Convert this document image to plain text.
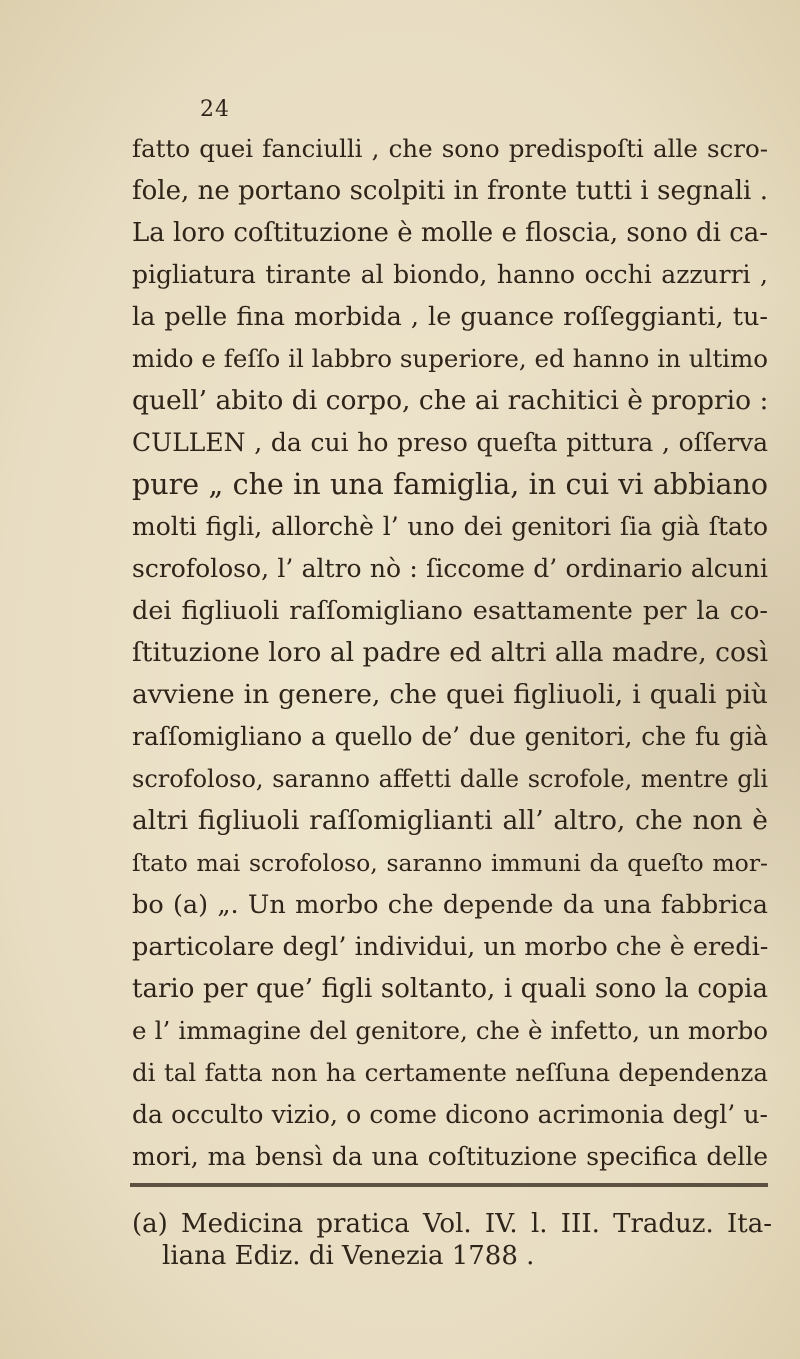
24
fatto quei fanciulli , che sono predispoſti alle scro-
fole, ne portano scolpiti in fronte tutti i segnali .
La loro coſtituzione è molle e floscia, sono di ca-
pigliatura tirante al biondo, hanno occhi azzurri ,
la pelle fina morbida , le guance roſſeggianti, tu-
mido e feſſo il labbro superiore, ed hanno in ultimo
quell’ abito di corpo, che ai rachitici è proprio :
CULLEN , da cui ho preso queſta pittura , oſſerva
pure „ che in una famiglia, in cui vi abbiano
molti figli, allorchè l’ uno dei genitori ſia già ſtato
scrofoloso, l’ altro nò : ſiccome d’ ordinario alcuni
dei figliuoli raſſomigliano esattamente per la co-
ſtituzione loro al padre ed altri alla madre, così
avviene in genere, che quei figliuoli, i quali più
raſſomigliano a quello de’ due genitori, che fu già
scrofoloso, saranno affetti dalle scrofole, mentre gli
altri figliuoli raſſomiglianti all’ altro, che non è
ſtato mai scrofoloso, saranno immuni da queſto mor-
bo (a) „. Un morbo che depende da una fabbrica
particolare degl’ individui, un morbo che è eredi-
tario per que’ figli soltanto, i quali sono la copia
e l’ immagine del genitore, che è infetto, un morbo
di tal fatta non ha certamente neſſuna dependenza
da occulto vizio, o come dicono acrimonia degl’ u-
mori, ma bensì da una coſtituzione specifica delle
(a) Medicina pratica Vol. IV. l. III. Traduz. Ita-
liana Ediz. di Venezia 1788 .
